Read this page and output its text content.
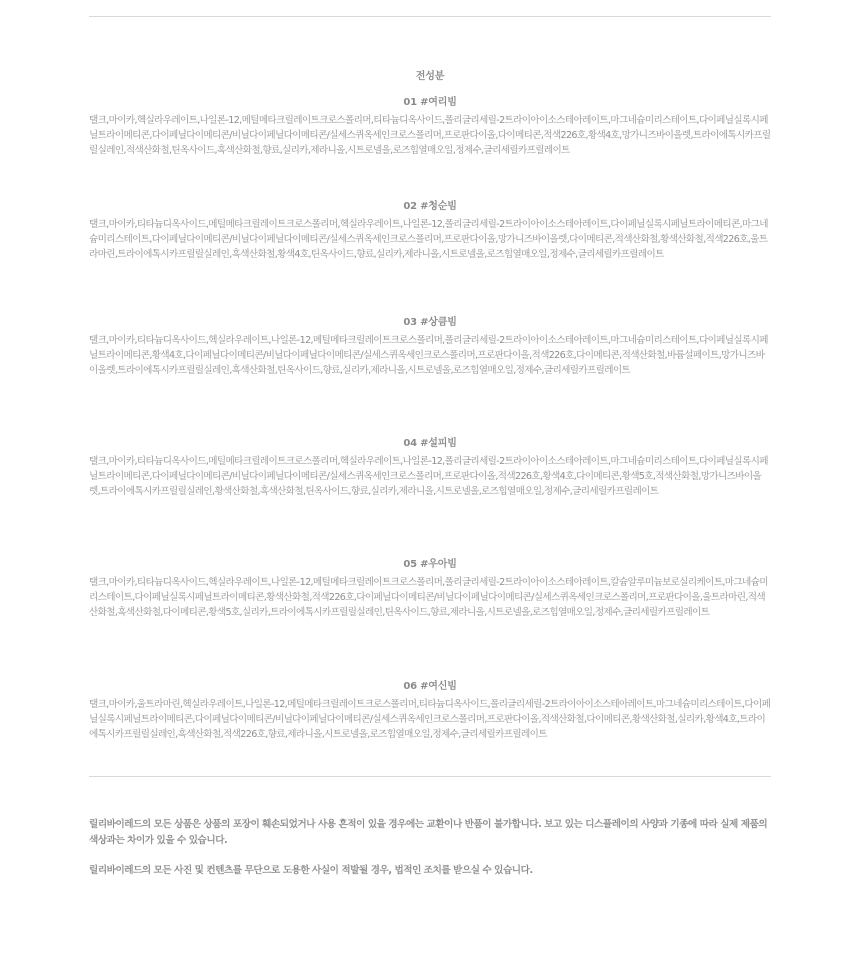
전성분
01 #여리빔
탤크,마이카,헥실라우레이트,나일론-12,메틸메타크릴레이트크로스폴리머,티타늄디옥사이드,폴리글리세릴-2트라이아이소스테아레이트,마그네슘미리스테이트,다이페닐실록시페닐트라이메티콘,다이페닐다이메티콘/비닐다이페닐다이메티콘/실세스퀴옥세인크로스폴리머,프로판다이올,다이메티콘,적색226호,황색4호,망가니즈바이올렛,트라이에톡시카프릴릴실레인,적색산화철,틴옥사이드,흑색산화철,향료,실리카,제라니올,시트로넬올,로즈힙열매오일,정제수,글리세릴카프릴레이트
02 #청순빔
탤크,마이카,티타늄디옥사이드,메틸메타크릴레이트크로스폴리머,헥실라우레이트,나일론-12,폴리글리세릴-2트라이아이소스테아레이트,다이페닐실록시페닐트라이메티콘,마그네슘미리스테이트,다이페닐다이메티콘/비닐다이페닐다이메티콘/실세스퀴옥세인크로스폴리머,프로판다이올,망가니즈바이올렛,다이메티콘,적색산화철,황색산화철,적색226호,울트라마린,트라이에톡시카프릴릴실레인,흑색산화철,황색4호,틴옥사이드,향료,실리카,제라니올,시트로넬올,로즈힙열매오일,정제수,글리세릴카프릴레이트
03 #상큼빔
탤크,마이카,티타늄디옥사이드,헥실라우레이트,나일론-12,메틸메타크릴레이트크로스폴리머,폴리글리세릴-2트라이아이소스테아레이트,마그네슘미리스테이트,다이페닐실록시페닐트라이메티콘,황색4호,다이페닐다이메티콘/비닐다이페닐다이메티콘/실세스퀴옥세인크로스폴리머,프로판다이올,적색226호,다이메티콘,적색산화철,바륨설페이트,망가니즈바이올렛,트라이에톡시카프릴릴실레인,흑색산화철,틴옥사이드,향료,실리카,제라니올,시트로넬올,로즈힙열매오일,정제수,글리세릴카프릴레이트
04 #설피빔
탤크,마이카,티타늄디옥사이드,메틸메타크릴레이트크로스폴리머,헥실라우레이트,나일론-12,폴리글리세릴-2트라이아이소스테아레이트,마그네슘미리스테이트,다이페닐실록시페닐트라이메티콘,다이페닐다이메티콘/비닐다이페닐다이메티콘/실세스퀴옥세인크로스폴리머,프로판다이올,적색226호,황색4호,다이메티콘,황색5호,적색산화철,망가니즈바이올렛,트라이에톡시카프릴릴실레인,황색산화철,흑색산화철,틴옥사이드,향료,실리카,제라니올,시트로넬올,로즈힙열매오일,정제수,글리세릴카프릴레이트
05 #우아빔
탤크,마이카,티타늄디옥사이드,헥실라우레이트,나일론-12,메틸메타크릴레이트크로스폴리머,폴리글리세릴-2트라이아이소스테아레이트,칼슘알루미늄보로실리케이트,마그네슘미리스테이트,다이페닐실록시페닐트라이메티콘,황색산화철,적색226호,다이페닐다이메티콘/비닐다이페닐다이메티콘/실세스퀴옥세인크로스폴리머,프로판다이올,울트라마린,적색산화철,흑색산화철,다이메티콘,황색5호,실리카,트라이에톡시카프릴릴실레인,틴옥사이드,향료,제라니올,시트로넬올,로즈힙열매오일,정제수,글리세릴카프릴레이트
06 #여신빔
탤크,마이카,울트라마린,헥실라우레이트,나일론-12,메틸메타크릴레이트크로스폴리머,티타늄디옥사이드,폴리글리세릴-2트라이아이소스테아레이트,마그네슘미리스테이트,다이페닐실록시페닐트라이메티콘,다이페닐다이메티콘/비닐다이페닐다이메티콘/실세스퀴옥세인크로스폴리머,프로판다이올,적색산화철,다이메티콘,황색산화철,실리카,황색4호,트라이에톡시카프릴릴실레인,흑색산화철,적색226호,향료,제라니올,시트로넬올,로즈힙열매오일,정제수,글리세릴카프릴레이트
릴리바이레드의 모든 상품은 상품의 포장이 훼손되었거나 사용 흔적이 있을 경우에는 교환이나 반품이 불가합니다. 보고 있는 디스플레이의 사양과 기종에 따라 실제 제품의 색상과는 차이가 있을 수 있습니다.
릴리바이레드의 모든 사진 및 컨텐츠를 무단으로 도용한 사실이 적발될 경우, 법적인 조치를 받으실 수 있습니다.
